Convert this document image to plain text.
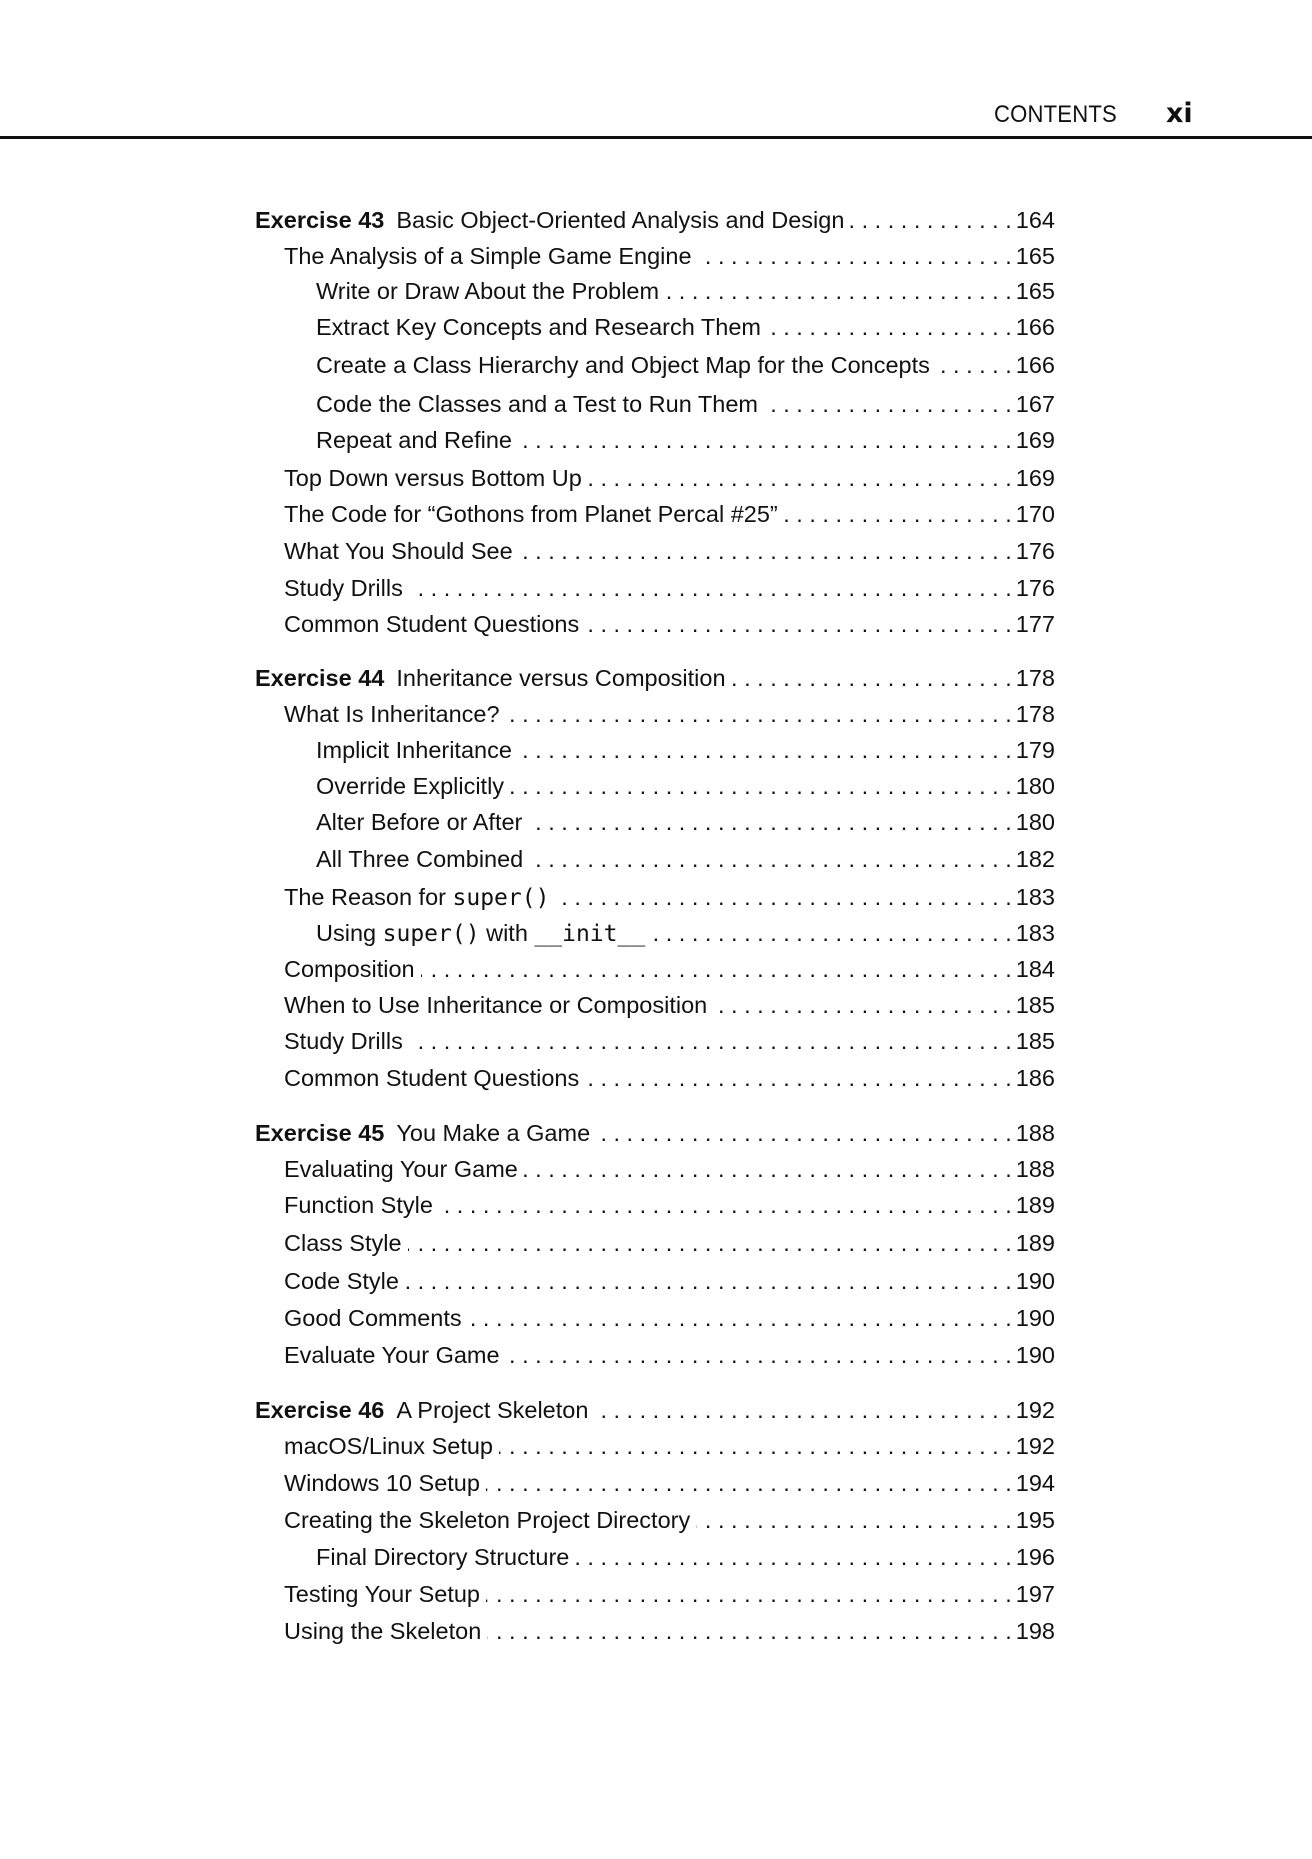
CONTENTS xi
Exercise 43 Basic Object-Oriented Analysis and Design . . .	164
The Analysis of a Simple Game Engine . . .	165
Write or Draw About the Problem . . .	165
Extract Key Concepts and Research Them . . .	166
Create a Class Hierarchy and Object Map for the Concepts . . .	166
Code the Classes and a Test to Run Them . . .	167
Repeat and Refine . . .	169
Top Down versus Bottom Up . . .	169
The Code for “Gothons from Planet Percal #25” . . .	170
What You Should See . . .	176
Study Drills . . .	176
Common Student Questions . . .	177
Exercise 44 Inheritance versus Composition . . .	178
What Is Inheritance? . . .	178
Implicit Inheritance . . .	179
Override Explicitly . . .	180
Alter Before or After . . .	180
All Three Combined . . .	182
The Reason for super() . . .	183
Using super() with __init__ . . .	183
Composition . . .	184
When to Use Inheritance or Composition . . .	185
Study Drills . . .	185
Common Student Questions . . .	186
Exercise 45 You Make a Game . . .	188
Evaluating Your Game . . .	188
Function Style . . .	189
Class Style . . .	189
Code Style . . .	190
Good Comments . . .	190
Evaluate Your Game . . .	190
Exercise 46 A Project Skeleton . . .	192
macOS/Linux Setup . . .	192
Windows 10 Setup . . .	194
Creating the Skeleton Project Directory . . .	195
Final Directory Structure . . .	196
Testing Your Setup . . .	197
Using the Skeleton . . .	198
